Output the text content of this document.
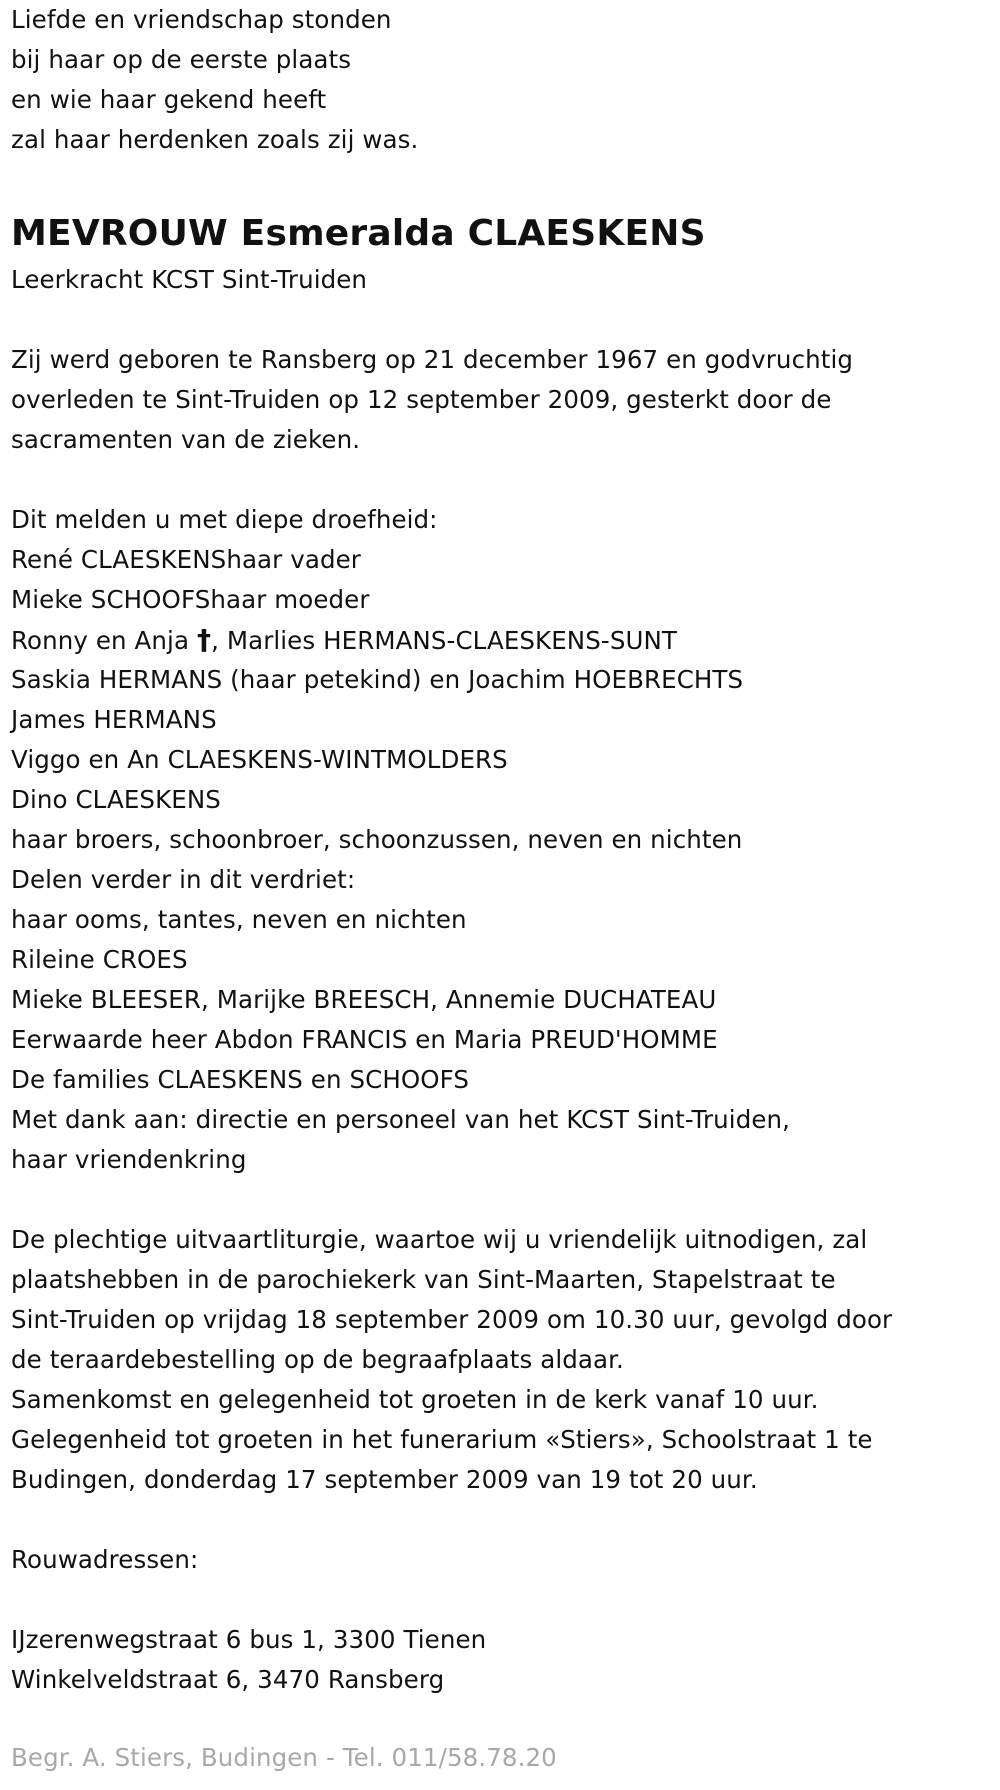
Liefde en vriendschap stonden
bij haar op de eerste plaats
en wie haar gekend heeft
zal haar herdenken zoals zij was.
MEVROUW Esmeralda CLAESKENS
Leerkracht KCST Sint-Truiden
Zij werd geboren te Ransberg op 21 december 1967 en godvruchtig
overleden te Sint-Truiden op 12 september 2009, gesterkt door de
sacramenten van de zieken.
Dit melden u met diepe droefheid:
René CLAESKENShaar vader
Mieke SCHOOFShaar moeder
Ronny en Anja †, Marlies HERMANS-CLAESKENS-SUNT
Saskia HERMANS (haar petekind) en Joachim HOEBRECHTS
James HERMANS
Viggo en An CLAESKENS-WINTMOLDERS
Dino CLAESKENS
haar broers, schoonbroer, schoonzussen, neven en nichten
Delen verder in dit verdriet:
haar ooms, tantes, neven en nichten
Rileine CROES
Mieke BLEESER, Marijke BREESCH, Annemie DUCHATEAU
Eerwaarde heer Abdon FRANCIS en Maria PREUD'HOMME
De families CLAESKENS en SCHOOFS
Met dank aan: directie en personeel van het KCST Sint-Truiden,
haar vriendenkring
De plechtige uitvaartliturgie, waartoe wij u vriendelijk uitnodigen, zal
plaatshebben in de parochiekerk van Sint-Maarten, Stapelstraat te
Sint-Truiden op vrijdag 18 september 2009 om 10.30 uur, gevolgd door
de teraardebestelling op de begraafplaats aldaar.
Samenkomst en gelegenheid tot groeten in de kerk vanaf 10 uur.
Gelegenheid tot groeten in het funerarium «Stiers», Schoolstraat 1 te
Budingen, donderdag 17 september 2009 van 19 tot 20 uur.
Rouwadressen:
IJzerenwegstraat 6 bus 1, 3300 Tienen
Winkelveldstraat 6, 3470 Ransberg
Begr. A. Stiers, Budingen - Tel. 011/58.78.20
